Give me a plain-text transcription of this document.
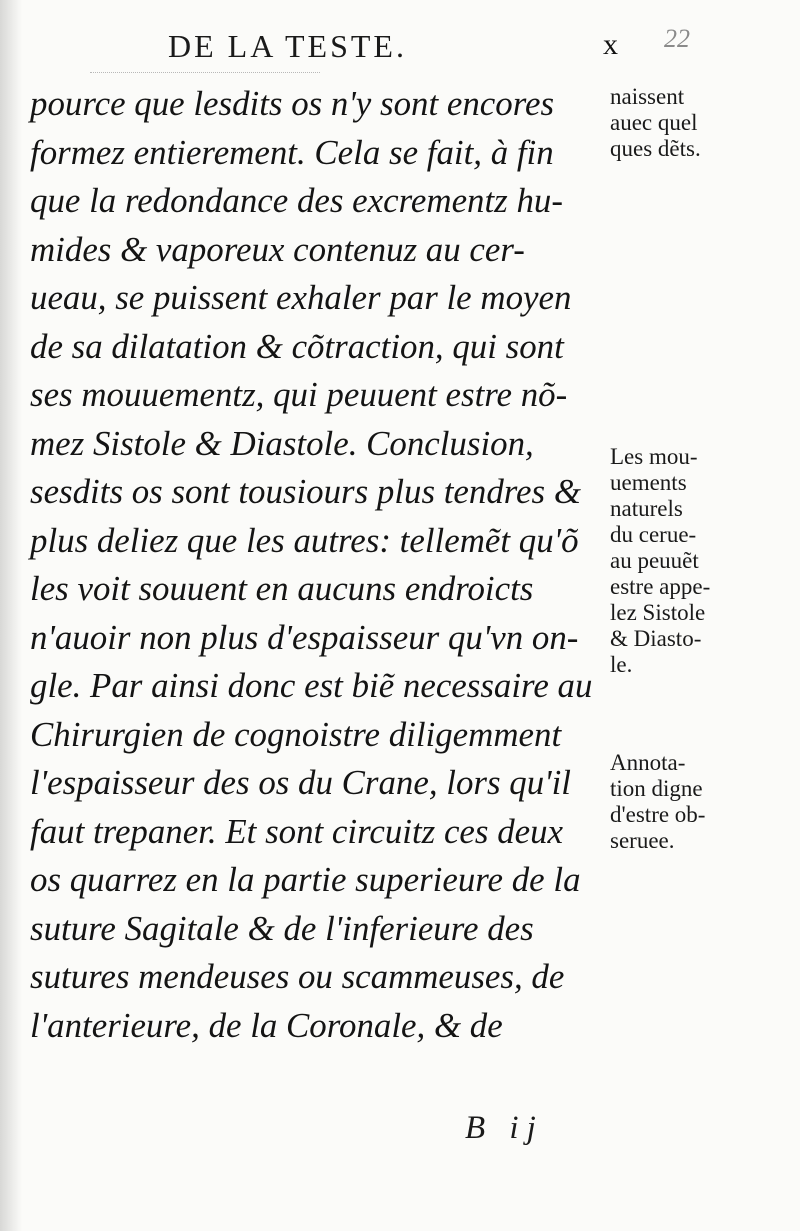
DE LA TESTE.	x 22
pource que lesdits os n'y sont encores
formez entierement. Cela se fait, à fin
que la redondance des excrementz hu-
mides & vaporeux contenuz au cer-
ueau, se puissent exhaler par le moyen
de sa dilatation & cõtraction, qui sont
ses mouuementz, qui peuuent estre nõ-
mez Sistole & Diastole. Conclusion,
sesdits os sont tousiours plus tendres &
plus deliez que les autres: tellemẽt qu'õ
les voit souuent en aucuns endroicts
n'auoir non plus d'espaisseur qu'vn on-
gle. Par ainsi donc est biẽ necessaire au
Chirurgien de cognoistre diligemment
l'espaisseur des os du Crane, lors qu'il
faut trepaner. Et sont circuitz ces deux
os quarrez en la partie superieure de la
suture Sagitale & de l'inferieure des
sutures mendeuses ou scammeuses, de
l'anterieure, de la Coronale, & de
naissent
auec quel
ques dẽts.
Les mou-
uements
naturels
du cerue-
au peuuẽt
estre appe-
lez Sistole
& Diasto-
le.
Annota-
tion digne
d'estre ob-
seruee.
B ij
